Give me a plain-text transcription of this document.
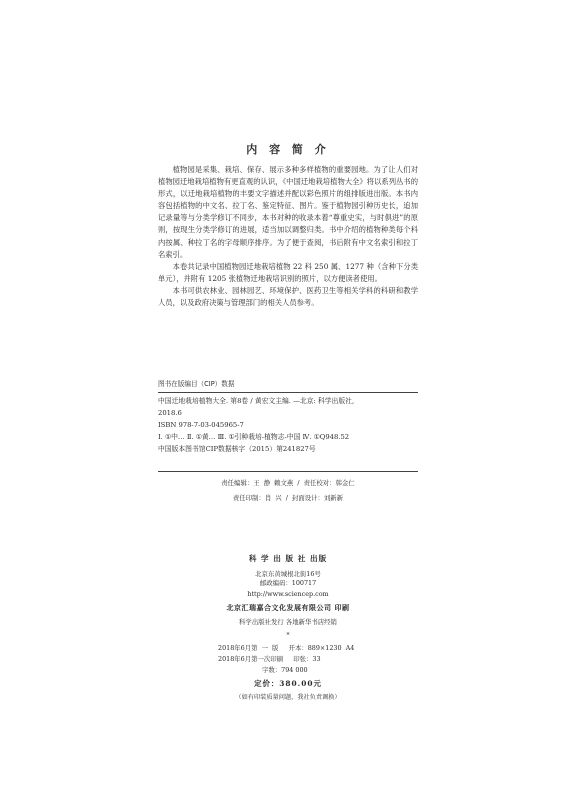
内 容 简 介

植物园是采集、栽培、保存、展示多种多样植物的重要园地。为了让人们对植物园迁地栽培植物有更直观的认识，《中国迁地栽培植物大全》将以系列丛书的形式，以迁地栽培植物的丰要文字描述并配以彩色照片的组排版进出版。本书内容包括植物的中文名、拉丁名、鉴定特征、图片。鉴于植物园引种历史长，追加记录量等与分类学修订不同步，本书对种的收录本着“尊重史实，与时俱进”的原则，按现生分类学修订的进展，适当加以调整归类。书中介绍的植物种类每个科内按属、种拉丁名的字母顺序排序。为了便于查阅，书后附有中文名索引和拉丁名索引。

本卷共记录中国植物园迁地栽培植物 22 科 250 属、1277 种（含种下分类单元），并附有 1205 张植物迁地栽培识别的照片，以方便读者使用。

本书可供农林业、园林园艺、环境保护、医药卫生等相关学科的科研和教学人员，以及政府决策与管理部门的相关人员参考。

图书在版编目（CIP）数据
中国迁地栽培植物大全. 第8卷 / 黄宏文主编. —北京: 科学出版社,
2018.6
ISBN 978-7-03-045965-7
Ⅰ. ①中… Ⅱ. ①黄… Ⅲ. ①引种栽培-植物志-中国 Ⅳ. ①Q948.52
中国版本图书馆CIP数据核字（2015）第241827号
责任编辑：王  静  赖文燕  /  责任校对：韩金仁
责任印制：肖  兴  /  封面设计：刘新新
科 学 出 版 社 出版
北京东黄城根北街16号
邮政编码：100717
http://www.sciencep.com
北京汇瑞嘉合文化发展有限公司 印刷
科学出版社发行 各地新华书店经销
*
2018年6月第  一  版     开本：889×1230  A4
2018年6月第一次印刷     印张：33
字数：794 000
定价：380.00元
（如有印装质量问题，我社负责调换）
